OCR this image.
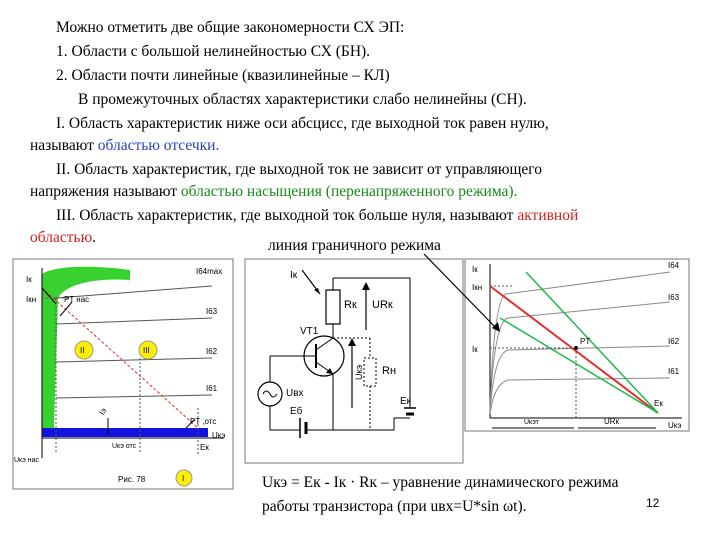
Можно отметить две общие закономерности СХ ЭП:
1. Области с большой нелинейностью СХ (БН).
2. Области почти линейные (квазилинейные – КЛ)
В промежуточных областях характеристики слабо нелинейны (СН).
I. Область характеристик ниже оси абсцисс, где выходной ток равен нулю,
называют областью отсечки.
II. Область характеристик, где выходной ток не зависит от управляющего
напряжения называют областью насыщения (перенапряженного режима).
III. Область характеристик, где выходной ток больше нуля, называют активной
областью.	линия граничного режима
Iк
Iкн
I64max
PT нас
I63
I62
I61
Iэ
PT ,отс
Eк
Uкэ
Uкэ отс
Uкэ нас
Рис. 78
II	III
I
Iк
Rк URк
VT1
Uвх
Eб
Uкэ Rн
Eк
Iк
Iкн
I64
I63
I62
I61
Iк
PT
Eк
Uкэт	URк	Uкэ
Uкэ = Eк - Iк · Rк – уравнение динамического режима
работы транзистора (при uвх=U*sin ωt).	12
